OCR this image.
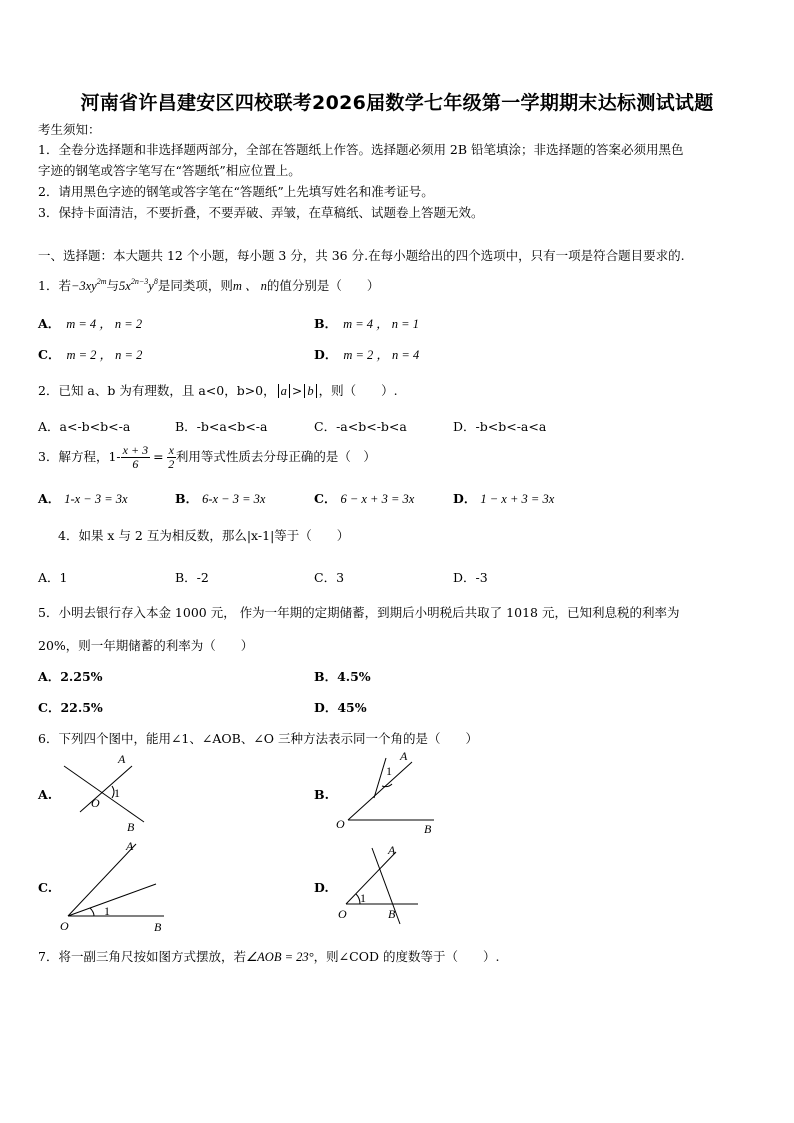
河南省许昌建安区四校联考2026届数学七年级第一学期期末达标测试试题
考生须知：
1．全卷分选择题和非选择题两部分，全部在答题纸上作答。选择题必须用 2B 铅笔填涂；非选择题的答案必须用黑色
字迹的钢笔或答字笔写在“答题纸”相应位置上。
2．请用黑色字迹的钢笔或答字笔在“答题纸”上先填写姓名和准考证号。
3．保持卡面清洁，不要折叠，不要弄破、弄皱，在草稿纸、试题卷上答题无效。
一、选择题：本大题共 12 个小题，每小题 3 分，共 36 分.在每小题给出的四个选项中，只有一项是符合题目要求的.
1．若$-3xy^{2m}$与$5x^{2n-3}y^8$是同类项，则m 、 n的值分别是（　　）
A． m = 4 ， n = 2	B． m = 4 ， n = 1
C． m = 2 ， n = 2	D． m = 2 ， n = 4
2．已知 a、b 为有理数，且 a<0，b>0， a > b ，则（　　）.
A．a<-b<b<-a	B．-b<a<b<-a	C．-a<b<-b<a	D．-b<b<-a<a
3．解方程，$1- \frac{x + 3}{6} = \frac{x}{2}$ 利用等式性质去分母正确的是（　）
A． 1-x − 3 = 3x	B． 6-x − 3 = 3x	C． 6 − x + 3 = 3x	D． 1 − x + 3 = 3x
4．如果 x 与 2 互为相反数，那么|x-1|等于（　　）
A．1	B．-2	C．3	D．-3
5．小明去银行存入本金 1000 元， 作为一年期的定期储蓄，到期后小明税后共取了 1018 元，已知利息税的利率为
20%，则一年期储蓄的利率为（　　）
A．2.25%	B．4.5%
C．22.5%	D．45%
6．下列四个图中，能用∠1、∠AOB、∠O 三种方法表示同一个角的是（　　）
A.
A
1
O
B
B.
A
1
O	B
C.
A
1
O	B
D.
A
1
O	B
7．将一副三角尺按如图方式摆放，若∠AOB = 23°，则∠COD 的度数等于（　　）.
